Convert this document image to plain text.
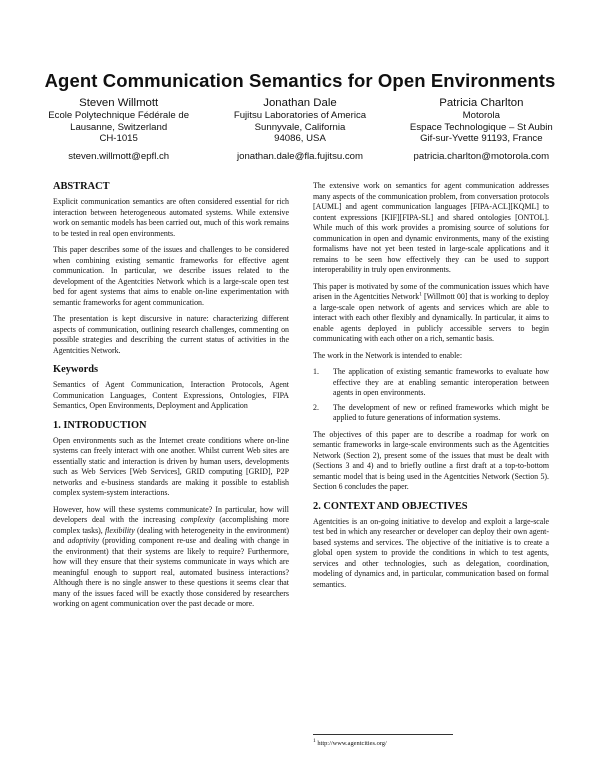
Agent Communication Semantics for Open Environments
Steven Willmott
Ecole Polytechnique Fédérale de
Lausanne, Switzerland
CH-1015
steven.willmott@epfl.ch
Jonathan Dale
Fujitsu Laboratories of America
Sunnyvale, California
94086, USA
jonathan.dale@fla.fujitsu.com
Patricia Charlton
Motorola
Espace Technologique – St Aubin
Gif-sur-Yvette 91193, France
patricia.charlton@motorola.com
ABSTRACT

Explicit communication semantics are often considered essential for rich interaction between heterogeneous automated systems. While extensive work on semantic models has been carried out, much of this work remains to be tested in real open environments.

This paper describes some of the issues and challenges to be considered when combining existing semantic frameworks for effective agent communication. In particular, we describe issues related to the development of the Agentcities Network which is a large-scale open test bed for agent systems that aims to enable on-line experimentation with semantic frameworks for agent communication.

The presentation is kept discursive in nature: characterizing different aspects of communication, outlining research challenges, commenting on possible strategies and describing the current status of activities in the Agentcities Network.

Keywords

Semantics of Agent Communication, Interaction Protocols, Agent Communication Languages, Content Expressions, Ontologies, FIPA Semantics, Open Environments, Deployment and Application

1. INTRODUCTION

Open environments such as the Internet create conditions where on-line systems can freely interact with one another. Whilst current Web sites are essentially static and interaction is driven by human users, developments such as Web Services [Web Services], GRID computing [GRID], P2P networks and e-business standards are making it possible to establish complex system-system interactions.

However, how will these systems communicate? In particular, how will developers deal with the increasing complexity (accomplishing more complex tasks), flexibility (dealing with heterogeneity in the environment) and adoptivity (providing component re-use and dealing with change in the environment) that their systems are likely to require? Furthermore, how will they ensure that their systems communicate in ways which are meaningful enough to support real, automated business interactions? Although there is no single answer to these questions it seems clear that many of the issues faced will be exactly those considered by researchers working on agent communication over the past decade or more.

The extensive work on semantics for agent communication addresses many aspects of the communication problem, from conversation protocols [AUML] and agent communication languages [FIPA-ACL][KQML] to content expressions [KIF][FIPA-SL] and shared ontologies [ONTOL]. While much of this work provides a promising source of solutions for communication in open and dynamic environments, many of the existing formalisms have not yet been tested in large-scale applications and it remains to be seen how effectively they can be used to support interoperability in truly open environments.

This paper is motivated by some of the communication issues which have arisen in the Agentcities Network$^1$ [Willmott 00] that is working to deploy a large-scale open network of agents and services which are able to interact with each other flexibly and dynamically. In particular, it aims to enable agents deployed in publicly accessible servers to begin communicating with each other on a rich, semantic basis.

The work in the Network is intended to enable:

1.	The application of existing semantic frameworks to evaluate how effective they are at enabling semantic interoperation between agents in open environments.
2.	The development of new or refined frameworks which might be applied to future generations of information systems.

The objectives of this paper are to describe a roadmap for work on semantic frameworks in large-scale environments such as the Agentcities Network (Section 2), present some of the issues that must be dealt with (Sections 3 and 4) and to briefly outline a first draft at a top-to-bottom semantic model that is being used in the Agentcities Network (Section 5). Section 6 concludes the paper.

2. CONTEXT AND OBJECTIVES

Agentcities is an on-going initiative to develop and exploit a large-scale test bed in which any researcher or developer can deploy their own agent-based systems and services. The objective of the initiative is to create a global open system to provide the conditions in which to test agents, services and other technologies, such as delegation, coordination, modeling of dynamics and, in particular, communication based on formal semantics.

$^1$ http://www.agentcities.org/
